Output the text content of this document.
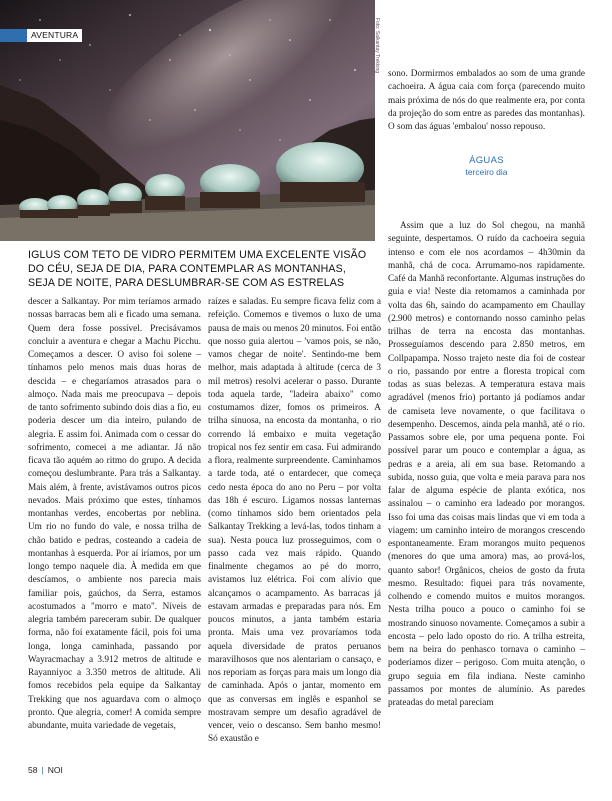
AVENTURA	Foto: Salkantay Trekking
IGLUS COM TETO DE VIDRO PERMITEM UMA EXCELENTE VISÃO DO CÉU, SEJA DE DIA, PARA CONTEMPLAR AS MONTANHAS, SEJA DE NOITE, PARA DESLUMBRAR-SE COM AS ESTRELAS

sono. Dormirmos embalados ao som de uma grande cachoeira. A água caia com força (parecendo muito mais próxima de nós do que realmente era, por conta da projeção do som entre as paredes das montanhas). O som das águas 'embalou' nosso repouso.

ÁGUAS
terceiro dia

Assim que a luz do Sol chegou, na manhã seguinte, despertamos. O ruído da cachoeira seguia intenso e com ele nos acordamos – 4h30min da manhã, chá de coca. Arrumamo-nos rapidamente. Café da Manhã reconfortante. Algumas instruções do guia e via! Neste dia retomamos a caminhada por volta das 6h, saindo do acampamento em Chaullay (2.900 metros) e contornando nosso caminho pelas trilhas de terra na encosta das montanhas. Prosseguíamos descendo para 2.850 metros, em Collpapampa. Nosso trajeto neste dia foi de costear o rio, passando por entre a floresta tropical com todas as suas belezas. A temperatura estava mais agradável (menos frio) portanto já podíamos andar de camiseta leve novamente, o que facilitava o desempenho. Descemos, ainda pela manhã, até o rio. Passamos sobre ele, por uma pequena ponte. Foi possível parar um pouco e contemplar a água, as pedras e a areia, ali em sua base. Retomando a subida, nosso guia, que volta e meia parava para nos falar de alguma espécie de planta exótica, nos assinalou – o caminho era ladeado por morangos. Isso foi uma das coisas mais lindas que vi em toda a viagem: um caminho inteiro de morangos crescendo espontaneamente. Eram morangos muito pequenos (menores do que uma amora) mas, ao prová-los, quanto sabor! Orgânicos, cheios de gosto da fruta mesmo. Resultado: fiquei para trás novamente, colhendo e comendo muitos e muitos morangos. Nesta trilha pouco a pouco o caminho foi se mostrando sinuoso novamente. Começamos a subir a encosta – pelo lado oposto do rio. A trilha estreita, bem na beira do penhasco tornava o caminho – poderíamos dizer – perigoso. Com muita atenção, o grupo seguia em fila indiana. Neste caminho passamos por montes de alumínio. As paredes prateadas do metal pareciam

descer a Salkantay. Por mim teríamos armado nossas barracas bem ali e ficado uma semana. Quem dera fosse possível. Precisávamos concluir a aventura e chegar a Machu Picchu. Começamos a descer. O aviso foi solene – tínhamos pelo menos mais duas horas de descida – e chegaríamos atrasados para o almoço. Nada mais me preocupava – depois de tanto sofrimento subindo dois dias a fio, eu poderia descer um dia inteiro, pulando de alegria. E assim foi. Animada com o cessar do sofrimento, comecei a me adiantar. Já não ficava tão aquém ao ritmo do grupo. A decida começou deslumbrante. Para trás a Salkantay. Mais além, à frente, avistávamos outros picos nevados. Mais próximo que estes, tínhamos montanhas verdes, encobertas por neblina. Um rio no fundo do vale, e nossa trilha de chão batido e pedras, costeando a cadeia de montanhas à esquerda. Por aí iríamos, por um longo tempo naquele dia. À medida em que descíamos, o ambiente nos parecia mais familiar pois, gaúchos, da Serra, estamos acostumados a "morro e mato". Níveis de alegria também pareceram subir. De qualquer forma, não foi exatamente fácil, pois foi uma longa, longa caminhada, passando por Wayracmachay a 3.912 metros de altitude e Rayanniyoc a 3.350 metros de altitude. Ali fomos recebidos pela equipe da Salkantay Trekking que nos aguardava com o almoço pronto. Que alegria, comer! A comida sempre abundante, muita variedade de vegetais,

raízes e saladas. Eu sempre ficava feliz com a refeição. Comemos e tivemos o luxo de uma pausa de mais ou menos 20 minutos. Foi então que nosso guia alertou – 'vamos pois, se não, vamos chegar de noite'. Sentindo-me bem melhor, mais adaptada à altitude (cerca de 3 mil metros) resolvi acelerar o passo. Durante toda aquela tarde, "ladeira abaixo" como costumamos dizer, fomos os primeiros. A trilha sinuosa, na encosta da montanha, o rio correndo lá embaixo e muita vegetação tropical nos fez sentir em casa. Fui admirando a flora, realmente surpreendente. Caminhamos a tarde toda, até o entardecer, que começa cedo nesta época do ano no Peru – por volta das 18h é escuro. Ligamos nossas lanternas (como tínhamos sido bem orientados pela Salkantay Trekking a levá-las, todos tinham a sua). Nesta pouca luz prosseguimos, com o passo cada vez mais rápido. Quando finalmente chegamos ao pé do morro, avistamos luz elétrica. Foi com alívio que alcançamos o acampamento. As barracas já estavam armadas e preparadas para nós. Em poucos minutos, a janta também estaria pronta. Mais uma vez provaríamos toda aquela diversidade de pratos peruanos maravilhosos que nos alentariam o cansaço, e nos reporiam as forças para mais um longo dia de caminhada. Após o jantar, momento em que as conversas em inglês e espanhol se mostravam sempre um desafio agradável de vencer, veio o descanso. Sem banho mesmo! Só exaustão e

58 | NOI
